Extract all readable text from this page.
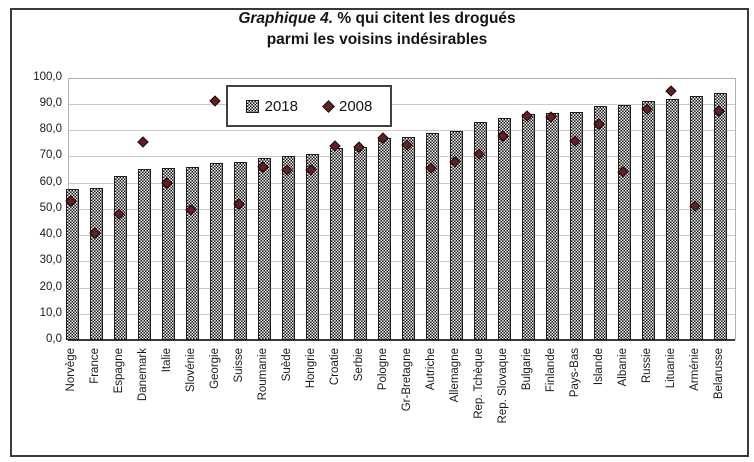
Graphique 4. % qui citent les drogués
parmi les voisins indésirables
0,0
10,0
20,0
30,0
40,0
50,0
60,0
70,0
80,0
90,0
100,0
Norvège France Espagne Danemark Italie Slovénie Georgie Suisse Roumanie Suède Hongrie Croatie Serbie Pologne Gr-Bretagne Autriche Allemagne Rep. Tchèque Rep. Slovaque Bulgarie Finlande Pays-Bas Islande Albanie Russie Lituanie Arménie Belarusse
2018	2008
